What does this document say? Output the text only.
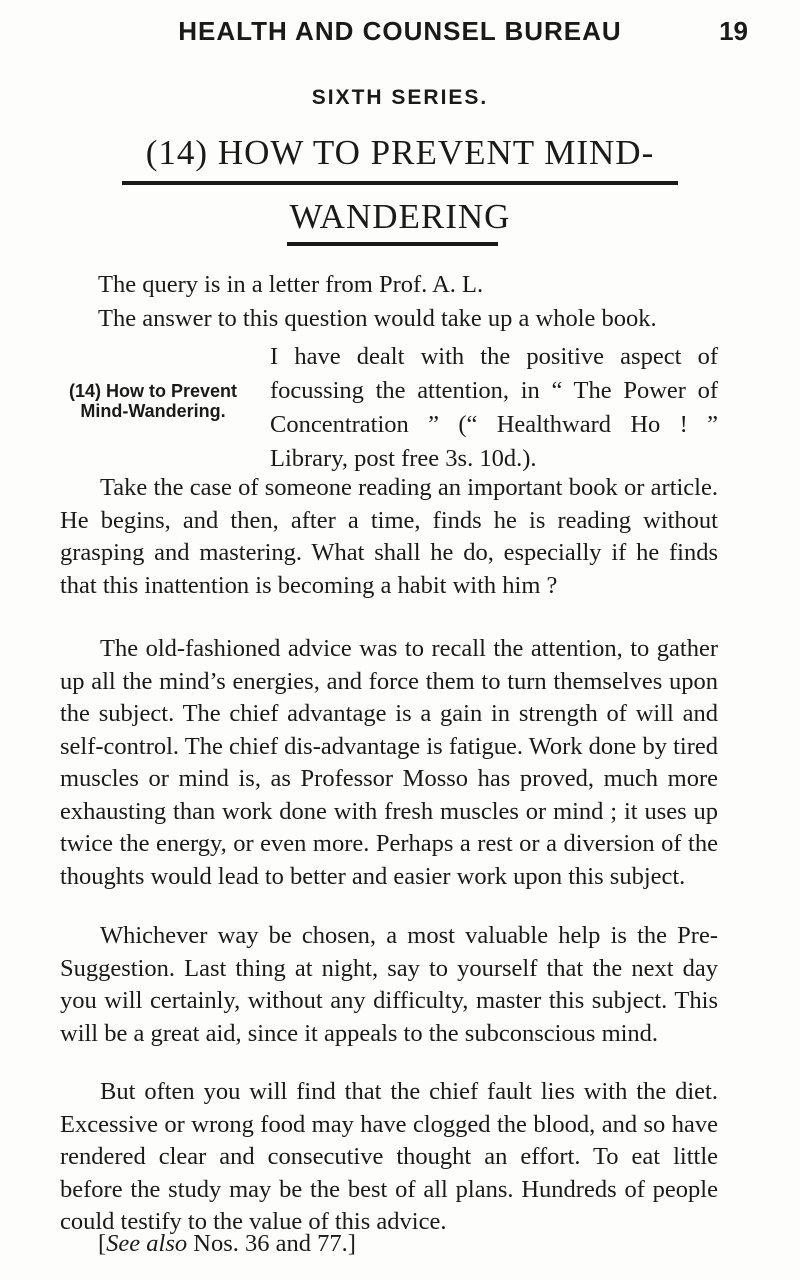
HEALTH AND COUNSEL BUREAU	19
SIXTH SERIES.
(14) HOW TO PREVENT MIND-
WANDERING

The query is in a letter from Prof. A. L.

The answer to this question would take up a whole book.

I have dealt with the positive aspect of focussing the attention, in “ The Power of Concentration ” (“ Healthward Ho ! ” Library, post free 3s. 10d.).

(14) How to Prevent Mind-Wandering.
Take the case of someone reading an important book or article. He begins, and then, after a time, finds he is reading without grasping and mastering. What shall he do, especially if he finds that this inattention is becoming a habit with him ?
The old-fashioned advice was to recall the attention, to gather up all the mind’s energies, and force them to turn themselves upon the subject. The chief advantage is a gain in strength of will and self-control. The chief dis-advantage is fatigue. Work done by tired muscles or mind is, as Professor Mosso has proved, much more exhausting than work done with fresh muscles or mind ; it uses up twice the energy, or even more. Perhaps a rest or a diversion of the thoughts would lead to better and easier work upon this subject.
Whichever way be chosen, a most valuable help is the Pre-Suggestion. Last thing at night, say to yourself that the next day you will certainly, without any difficulty, master this subject. This will be a great aid, since it appeals to the subconscious mind.
But often you will find that the chief fault lies with the diet. Excessive or wrong food may have clogged the blood, and so have rendered clear and consecutive thought an effort. To eat little before the study may be the best of all plans. Hundreds of people could testify to the value of this advice.
[See also Nos. 36 and 77.]
